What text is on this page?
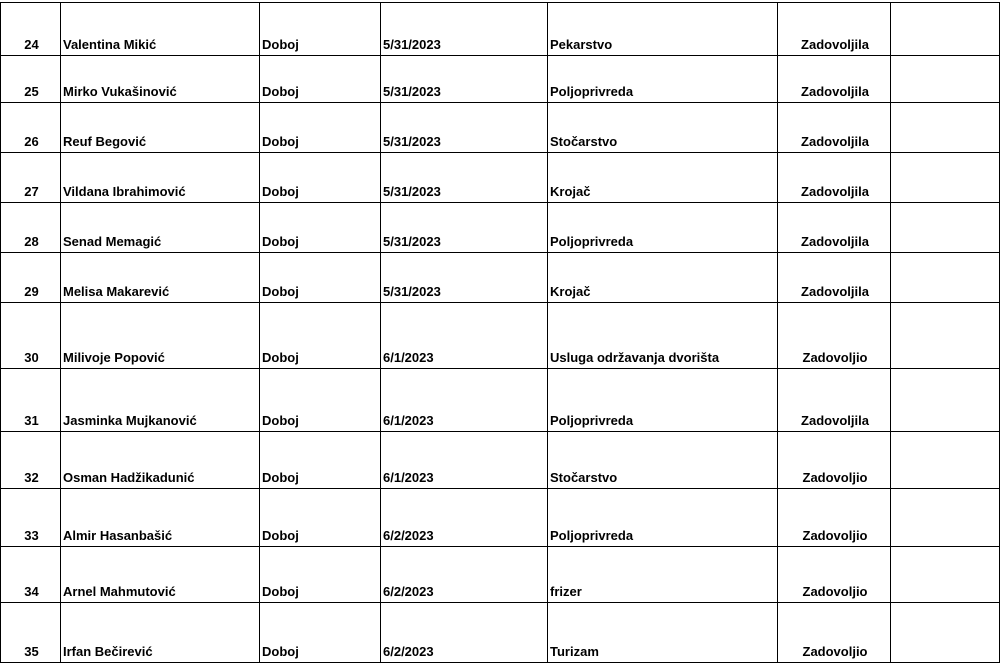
24	Valentina Mikić	Doboj	5/31/2023	Pekarstvo	Zadovoljila	
25	Mirko Vukašinović	Doboj	5/31/2023	Poljoprivreda	Zadovoljila	
26	Reuf Begović	Doboj	5/31/2023	Stočarstvo	Zadovoljila	
27	Vildana Ibrahimović	Doboj	5/31/2023	Krojač	Zadovoljila	
28	Senad Memagić	Doboj	5/31/2023	Poljoprivreda	Zadovoljila	
29	Melisa Makarević	Doboj	5/31/2023	Krojač	Zadovoljila	
30	Milivoje Popović	Doboj	6/1/2023	Usluga održavanja dvorišta	Zadovoljio	
31	Jasminka Mujkanović	Doboj	6/1/2023	Poljoprivreda	Zadovoljila	
32	Osman Hadžikadunić	Doboj	6/1/2023	Stočarstvo	Zadovoljio	
33	Almir Hasanbašić	Doboj	6/2/2023	Poljoprivreda	Zadovoljio	
34	Arnel Mahmutović	Doboj	6/2/2023	frizer	Zadovoljio	
35	Irfan Bečirević	Doboj	6/2/2023	Turizam	Zadovoljio	
